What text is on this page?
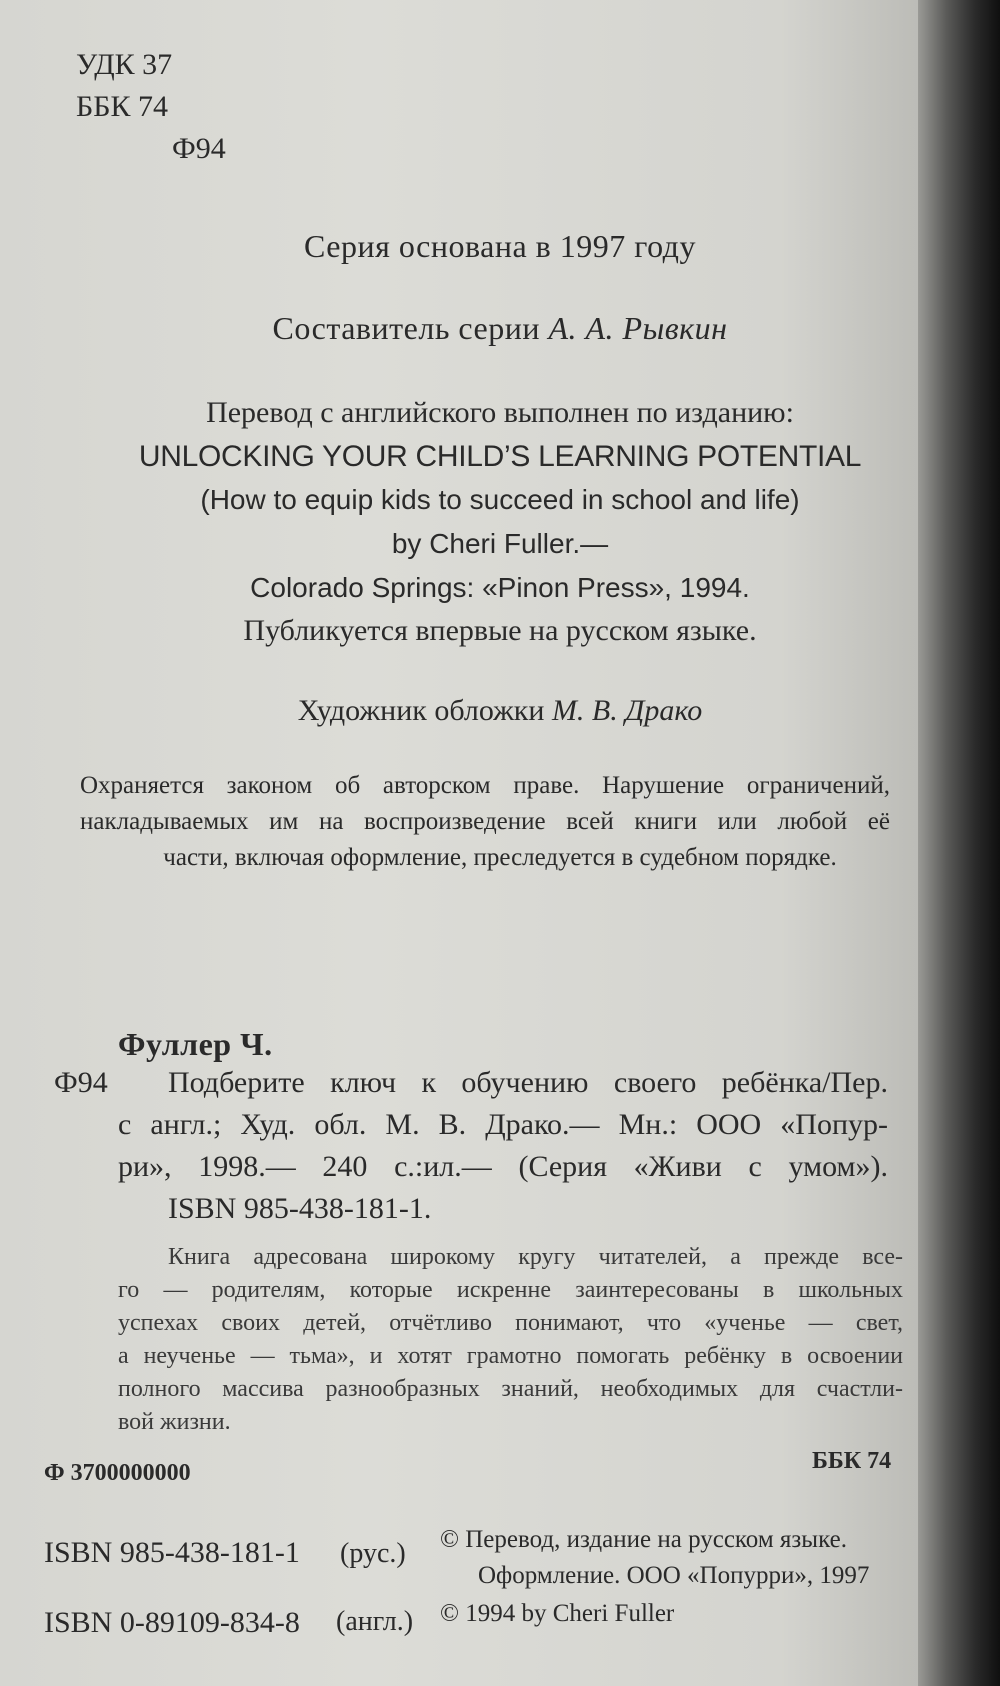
УДК 37
ББК 74
Ф94
Серия основана в 1997 году
Составитель серии А. А. Рывкин
Перевод с английского выполнен по изданию:
UNLOCKING YOUR CHILD’S LEARNING POTENTIAL
(How to equip kids to succeed in school and life)
by Cheri Fuller.—
Colorado Springs: «Pinon Press», 1994.
Публикуется впервые на русском языке.
Художник обложки М. В. Драко
Охраняется законом об авторском праве. Нарушение ограничений,
накладываемых им на воспроизведение всей книги или любой её
части, включая оформление, преследуется в судебном порядке.
Фуллер Ч.
Ф94 Подберите ключ к обучению своего ребёнка/Пер.
с англ.; Худ. обл. М. В. Драко.— Мн.: ООО «Попур-
ри», 1998.— 240 с.:ил.— (Серия «Живи с умом»).
ISBN 985-438-181-1.
Книга адресована широкому кругу читателей, а прежде все-
го — родителям, которые искренне заинтересованы в школьных
успехах своих детей, отчётливо понимают, что «ученье — свет,
а неученье — тьма», и хотят грамотно помогать ребёнку в освоении
полного массива разнообразных знаний, необходимых для счастли-
вой жизни.
Ф 3700000000	ББК 74
ISBN 985-438-181-1 (рус.) © Перевод, издание на русском языке.
Оформление. ООО «Попурри», 1997
ISBN 0-89109-834-8 (англ.) © 1994 by Cheri Fuller
